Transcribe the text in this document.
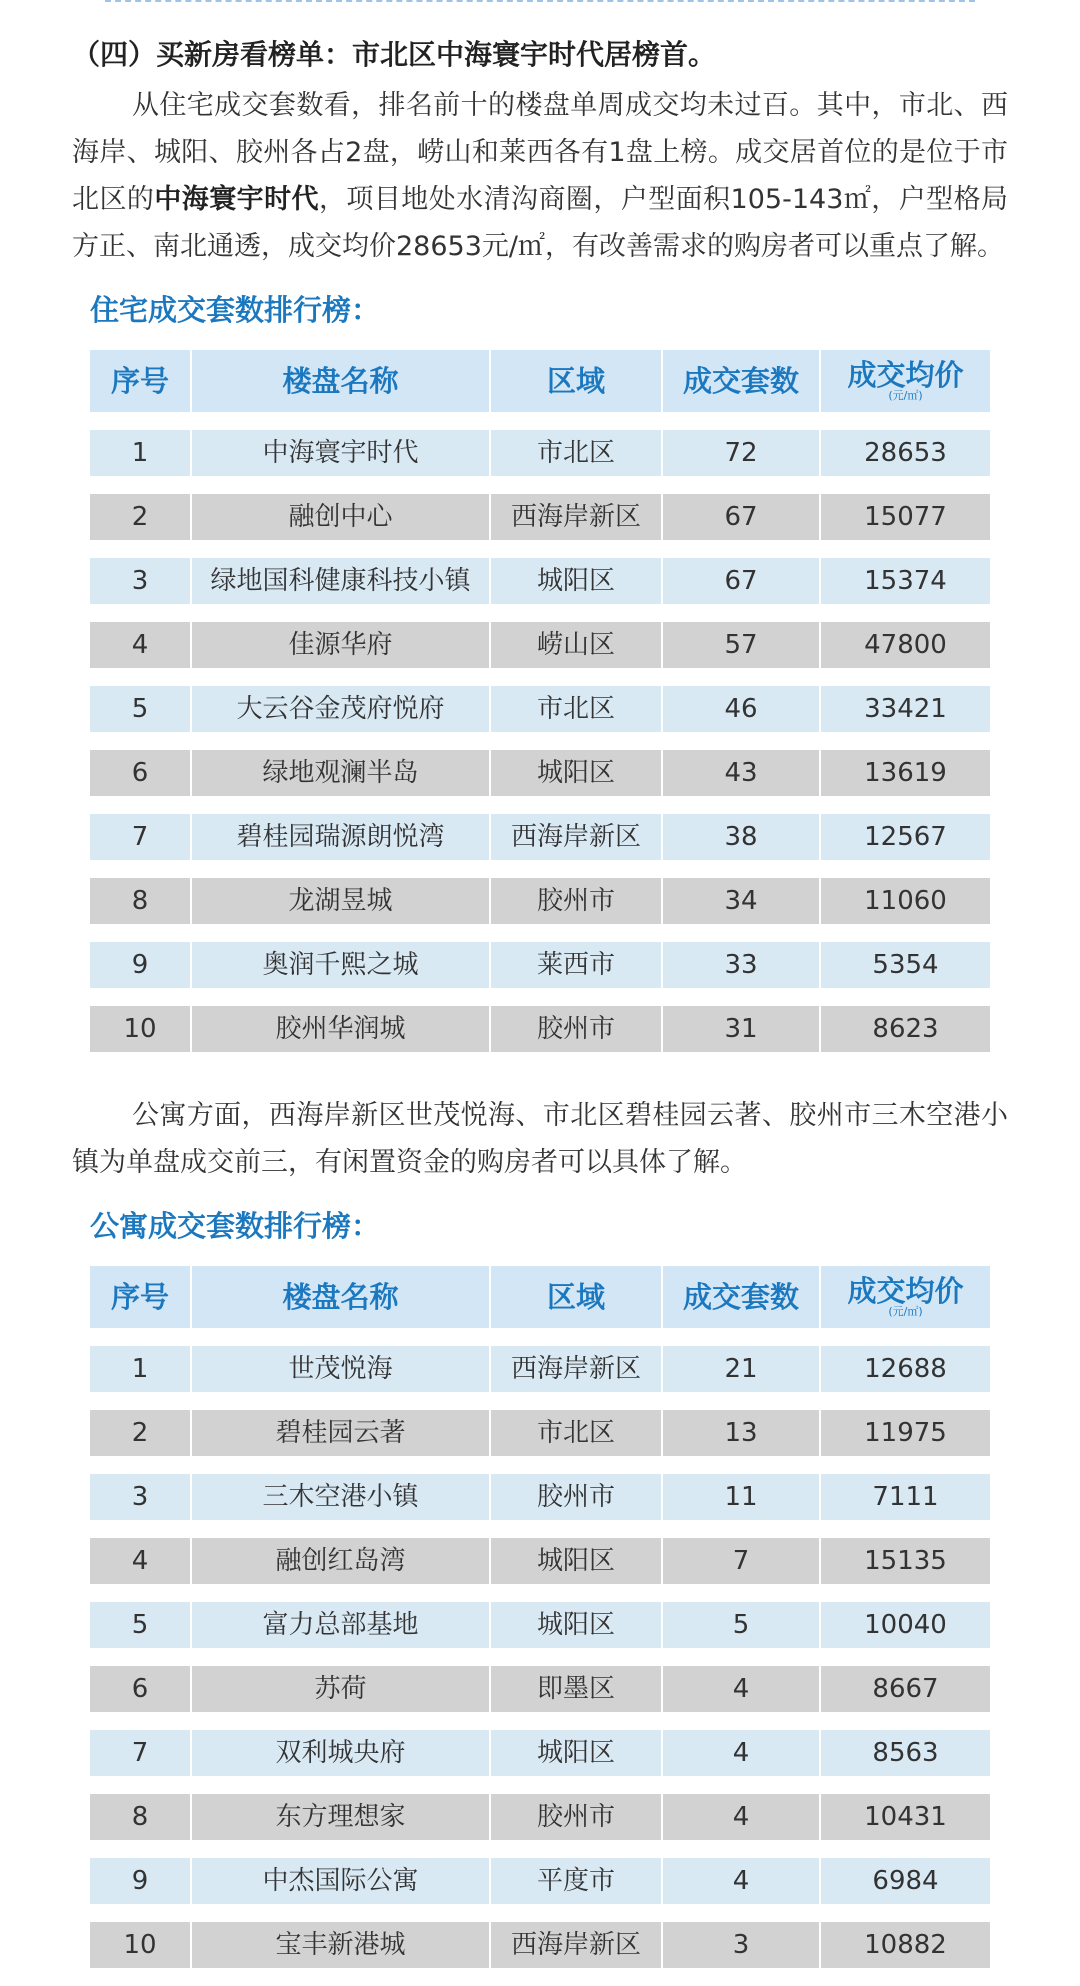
（四）买新房看榜单：市北区中海寰宇时代居榜首。

从住宅成交套数看，排名前十的楼盘单周成交均未过百。其中，市北、西海岸、城阳、胶州各占2盘，崂山和莱西各有1盘上榜。成交居首位的是位于市北区的中海寰宇时代，项目地处水清沟商圈，户型面积105-143㎡，户型格局方正、南北通透，成交均价28653元/㎡，有改善需求的购房者可以重点了解。

住宅成交套数排行榜：
序号	楼盘名称	区域	成交套数	成交均价
(元/㎡)

1	中海寰宇时代	市北区	72	28653
2	融创中心	西海岸新区	67	15077
3	绿地国科健康科技小镇	城阳区	67	15374
4	佳源华府	崂山区	57	47800
5	大云谷金茂府悦府	市北区	46	33421
6	绿地观澜半岛	城阳区	43	13619
7	碧桂园瑞源朗悦湾	西海岸新区	38	12567
8	龙湖昱城	胶州市	34	11060
9	奥润千熙之城	莱西市	33	5354
10	胶州华润城	胶州市	31	8623

公寓方面，西海岸新区世茂悦海、市北区碧桂园云著、胶州市三木空港小镇为单盘成交前三，有闲置资金的购房者可以具体了解。

公寓成交套数排行榜：
序号	楼盘名称	区域	成交套数	成交均价
(元/㎡)

1	世茂悦海	西海岸新区	21	12688
2	碧桂园云著	市北区	13	11975
3	三木空港小镇	胶州市	11	7111
4	融创红岛湾	城阳区	7	15135
5	富力总部基地	城阳区	5	10040
6	苏荷	即墨区	4	8667
7	双利城央府	城阳区	4	8563
8	东方理想家	胶州市	4	10431
9	中杰国际公寓	平度市	4	6984
10	宝丰新港城	西海岸新区	3	10882
